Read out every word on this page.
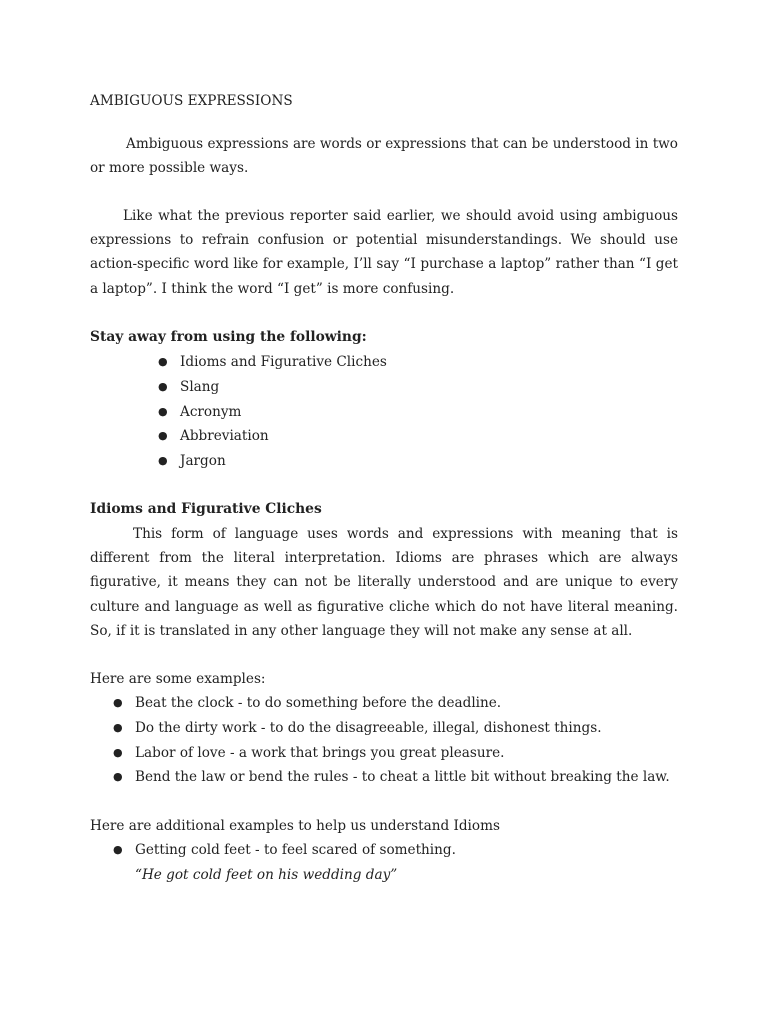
AMBIGUOUS EXPRESSIONS
Ambiguous expressions are words or expressions that can be understood in two or more possible ways.
Like what the previous reporter said earlier, we should avoid using ambiguous expressions to refrain confusion or potential misunderstandings. We should use action-specific word like for example, I’ll say “I purchase a laptop” rather than “I get a laptop”. I think the word “I get” is more confusing.
Stay away from using the following:
● Idioms and Figurative Cliches
● Slang
● Acronym
● Abbreviation
● Jargon
Idioms and Figurative Cliches
This form of language uses words and expressions with meaning that is different from the literal interpretation. Idioms are phrases which are always figurative, it means they can not be literally understood and are unique to every culture and language as well as figurative cliche which do not have literal meaning. So, if it is translated in any other language they will not make any sense at all.
Here are some examples:
● Beat the clock - to do something before the deadline.
● Do the dirty work - to do the disagreeable, illegal, dishonest things.
● Labor of love - a work that brings you great pleasure.
● Bend the law or bend the rules - to cheat a little bit without breaking the law.
Here are additional examples to help us understand Idioms
● Getting cold feet - to feel scared of something.
“He got cold feet on his wedding day”
